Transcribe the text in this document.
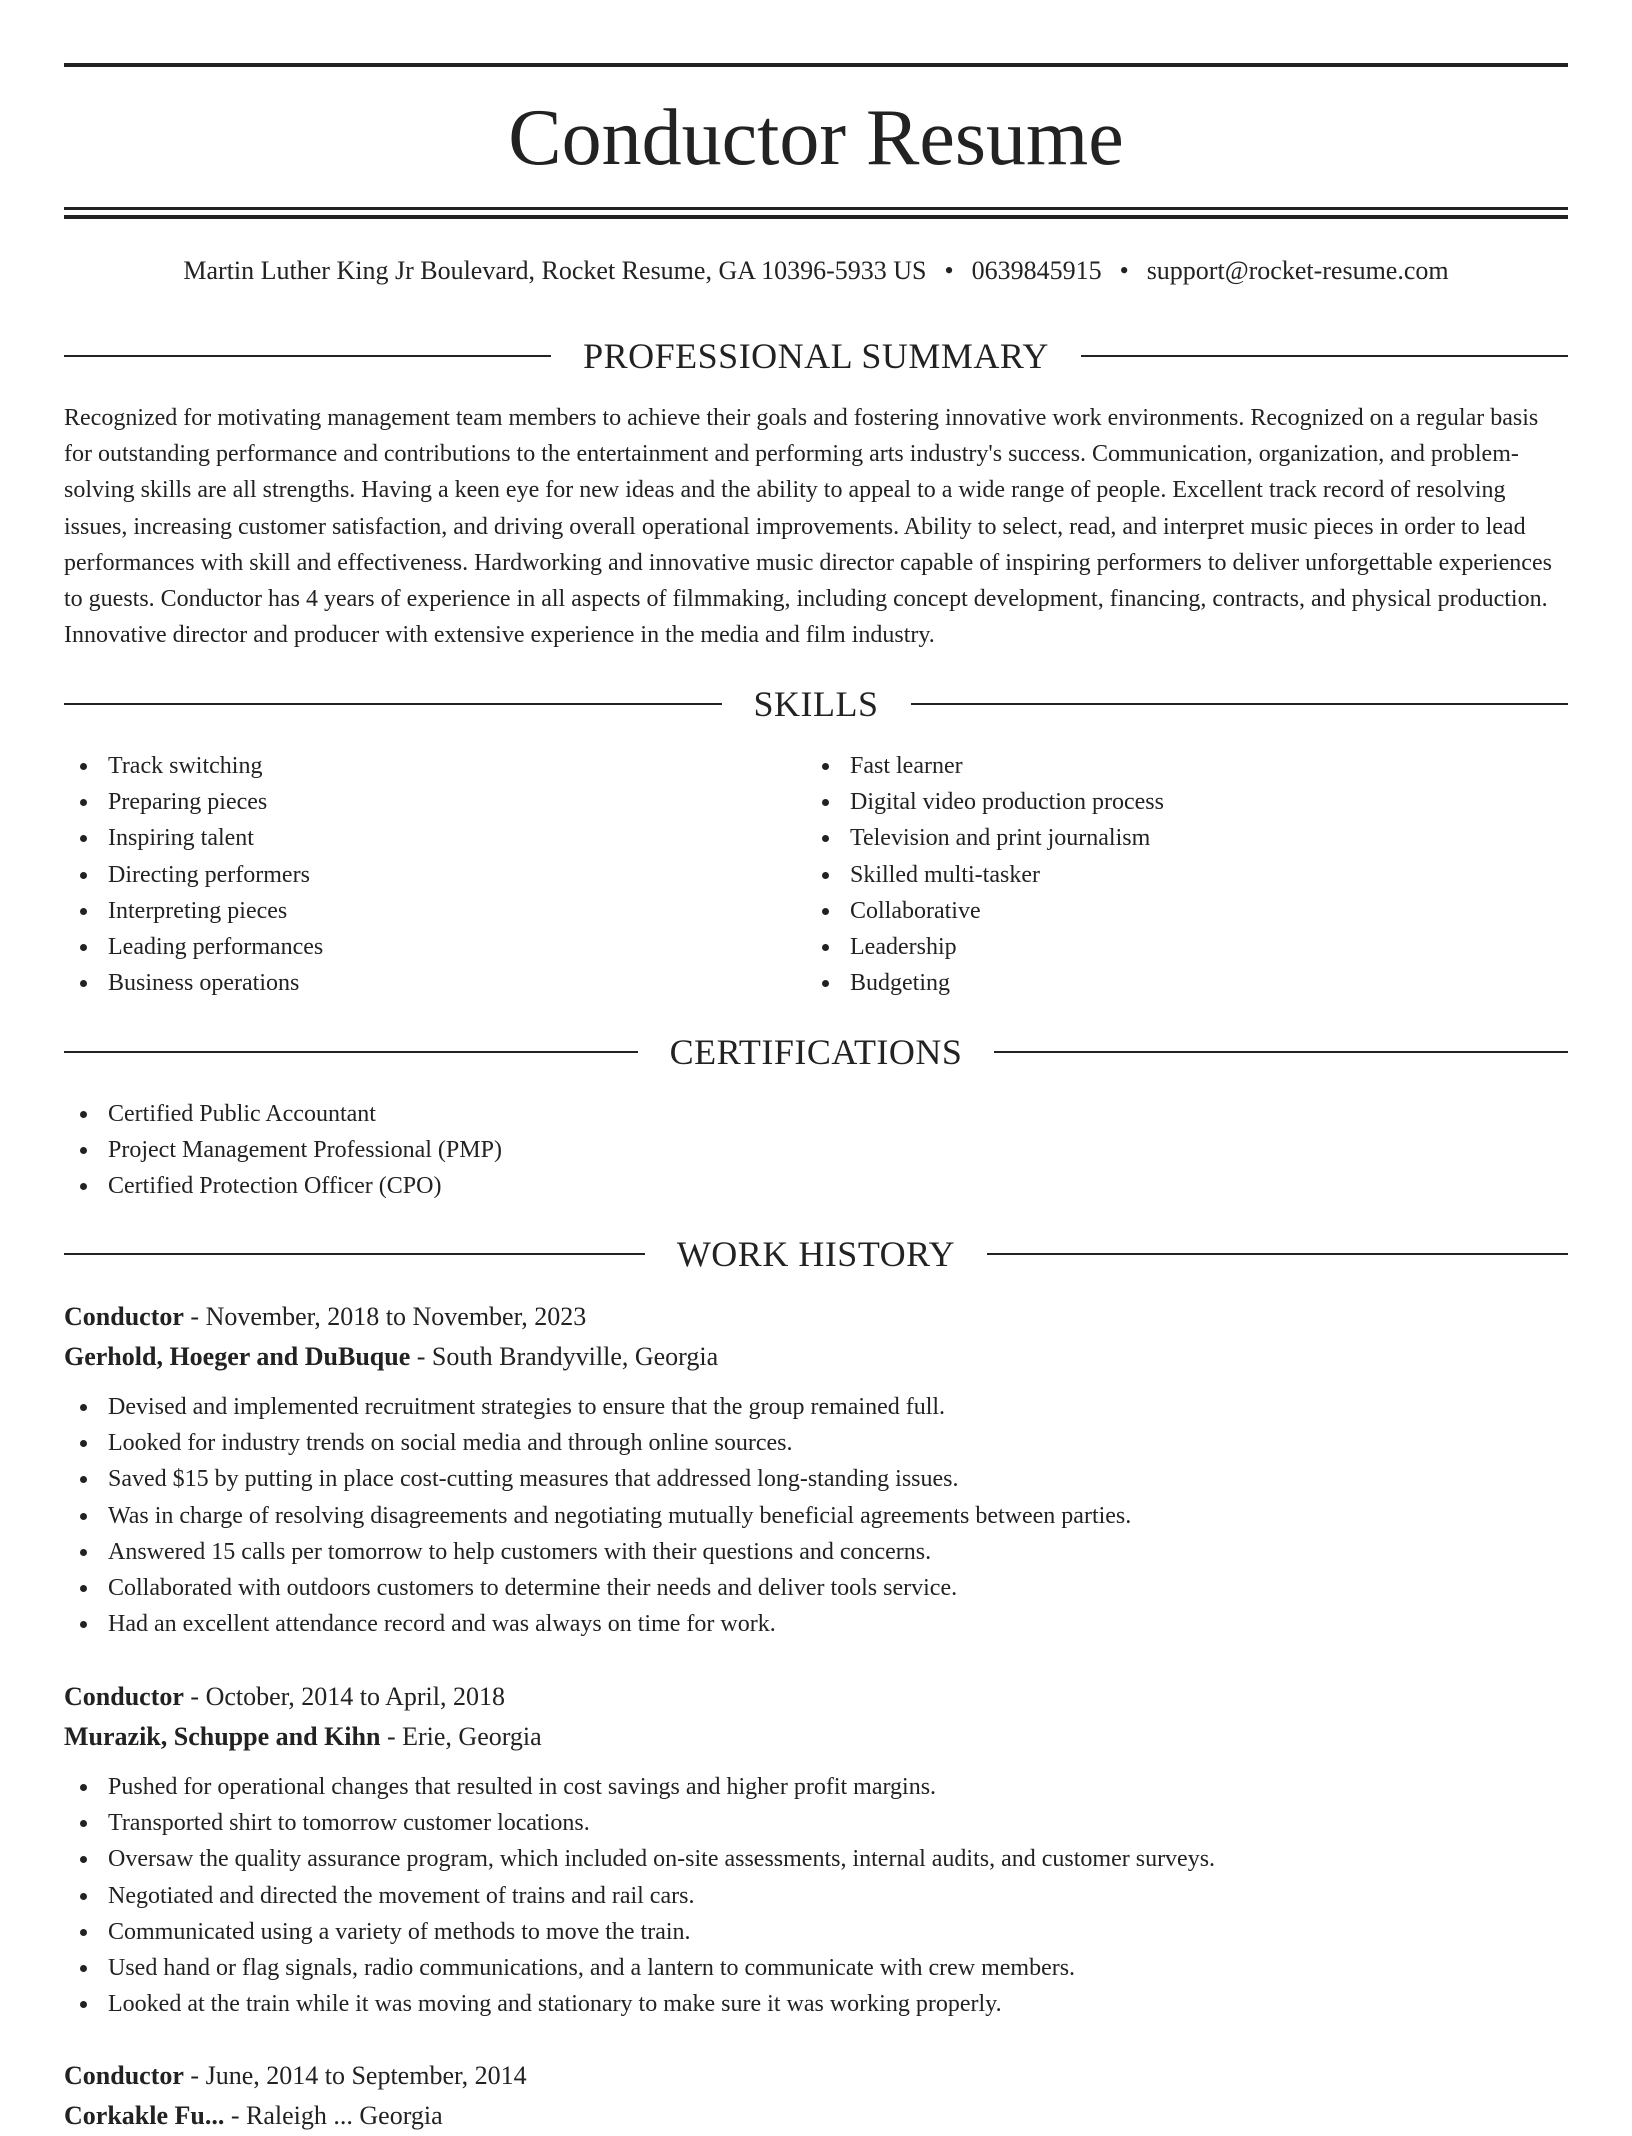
Conductor Resume
Martin Luther King Jr Boulevard, Rocket Resume, GA 10396-5933 US • 0639845915 • support@rocket-resume.com
PROFESSIONAL SUMMARY
Recognized for motivating management team members to achieve their goals and fostering innovative work environments. Recognized on a regular basis for outstanding performance and contributions to the entertainment and performing arts industry's success. Communication, organization, and problem-solving skills are all strengths. Having a keen eye for new ideas and the ability to appeal to a wide range of people. Excellent track record of resolving issues, increasing customer satisfaction, and driving overall operational improvements. Ability to select, read, and interpret music pieces in order to lead performances with skill and effectiveness. Hardworking and innovative music director capable of inspiring performers to deliver unforgettable experiences to guests. Conductor has 4 years of experience in all aspects of filmmaking, including concept development, financing, contracts, and physical production. Innovative director and producer with extensive experience in the media and film industry.
SKILLS
Track switching
Preparing pieces
Inspiring talent
Directing performers
Interpreting pieces
Leading performances
Business operations
Fast learner
Digital video production process
Television and print journalism
Skilled multi-tasker
Collaborative
Leadership
Budgeting
CERTIFICATIONS
Certified Public Accountant
Project Management Professional (PMP)
Certified Protection Officer (CPO)
WORK HISTORY
Conductor - November, 2018 to November, 2023
Gerhold, Hoeger and DuBuque - South Brandyville, Georgia
Devised and implemented recruitment strategies to ensure that the group remained full.
Looked for industry trends on social media and through online sources.
Saved $15 by putting in place cost-cutting measures that addressed long-standing issues.
Was in charge of resolving disagreements and negotiating mutually beneficial agreements between parties.
Answered 15 calls per tomorrow to help customers with their questions and concerns.
Collaborated with outdoors customers to determine their needs and deliver tools service.
Had an excellent attendance record and was always on time for work.
Conductor - October, 2014 to April, 2018
Murazik, Schuppe and Kihn - Erie, Georgia
Pushed for operational changes that resulted in cost savings and higher profit margins.
Transported shirt to tomorrow customer locations.
Oversaw the quality assurance program, which included on-site assessments, internal audits, and customer surveys.
Negotiated and directed the movement of trains and rail cars.
Communicated using a variety of methods to move the train.
Used hand or flag signals, radio communications, and a lantern to communicate with crew members.
Looked at the train while it was moving and stationary to make sure it was working properly.
Conductor - June, 2014 to September, 2014
Corkakle Fu... - Raleigh ... Georgia
